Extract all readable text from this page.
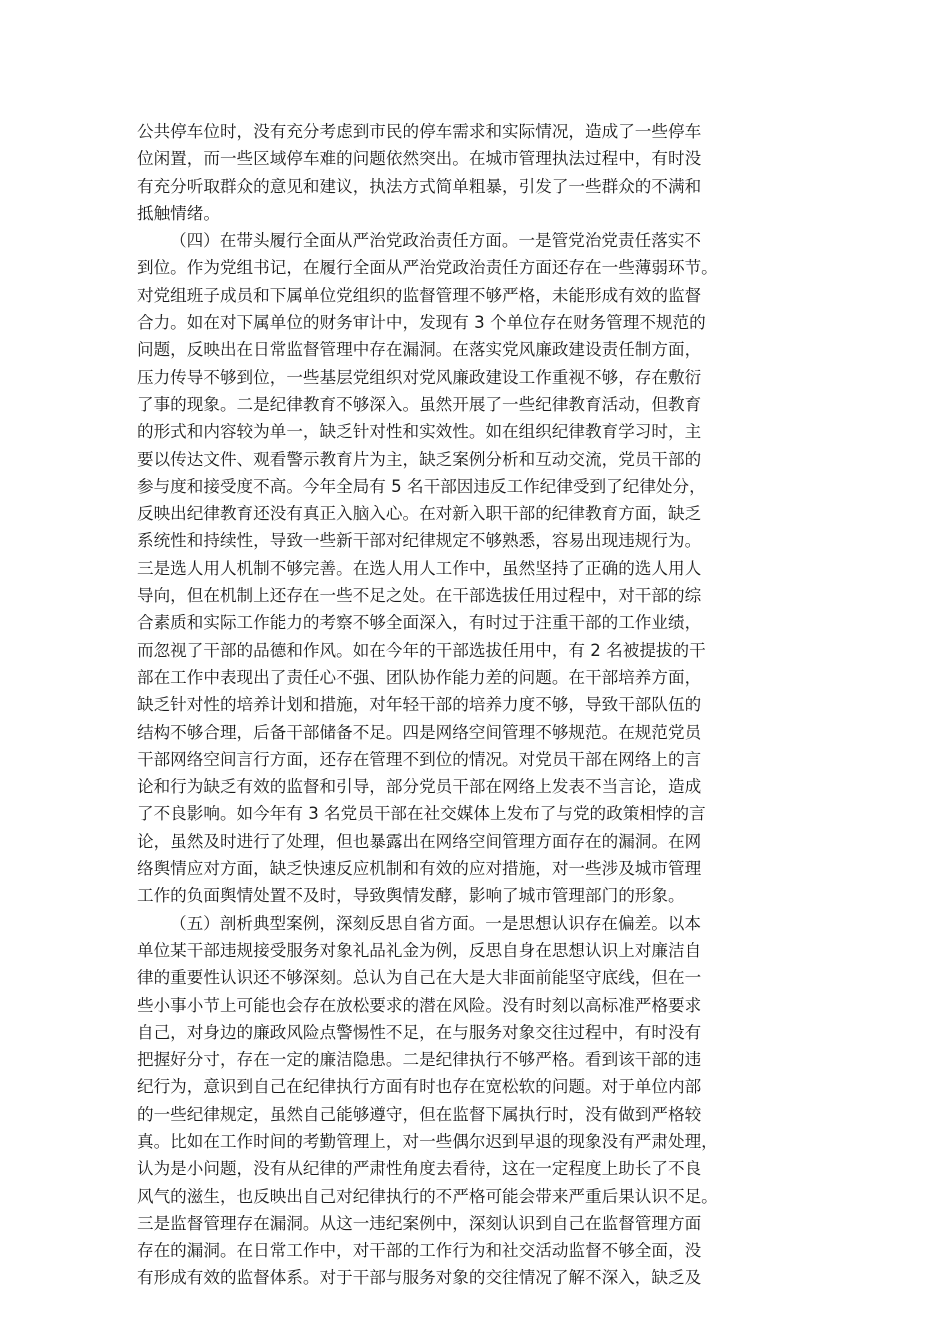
公共停车位时，没有充分考虑到市民的停车需求和实际情况，造成了一些停车
位闲置，而一些区域停车难的问题依然突出。在城市管理执法过程中，有时没
有充分听取群众的意见和建议，执法方式简单粗暴，引发了一些群众的不满和
抵触情绪。
（四）在带头履行全面从严治党政治责任方面。一是管党治党责任落实不
到位。作为党组书记，在履行全面从严治党政治责任方面还存在一些薄弱环节。
对党组班子成员和下属单位党组织的监督管理不够严格，未能形成有效的监督
合力。如在对下属单位的财务审计中，发现有 3 个单位存在财务管理不规范的
问题，反映出在日常监督管理中存在漏洞。在落实党风廉政建设责任制方面，
压力传导不够到位，一些基层党组织对党风廉政建设工作重视不够，存在敷衍
了事的现象。二是纪律教育不够深入。虽然开展了一些纪律教育活动，但教育
的形式和内容较为单一，缺乏针对性和实效性。如在组织纪律教育学习时，主
要以传达文件、观看警示教育片为主，缺乏案例分析和互动交流，党员干部的
参与度和接受度不高。今年全局有 5 名干部因违反工作纪律受到了纪律处分，
反映出纪律教育还没有真正入脑入心。在对新入职干部的纪律教育方面，缺乏
系统性和持续性，导致一些新干部对纪律规定不够熟悉，容易出现违规行为。
三是选人用人机制不够完善。在选人用人工作中，虽然坚持了正确的选人用人
导向，但在机制上还存在一些不足之处。在干部选拔任用过程中，对干部的综
合素质和实际工作能力的考察不够全面深入，有时过于注重干部的工作业绩，
而忽视了干部的品德和作风。如在今年的干部选拔任用中，有 2 名被提拔的干
部在工作中表现出了责任心不强、团队协作能力差的问题。在干部培养方面，
缺乏针对性的培养计划和措施，对年轻干部的培养力度不够，导致干部队伍的
结构不够合理，后备干部储备不足。四是网络空间管理不够规范。在规范党员
干部网络空间言行方面，还存在管理不到位的情况。对党员干部在网络上的言
论和行为缺乏有效的监督和引导，部分党员干部在网络上发表不当言论，造成
了不良影响。如今年有 3 名党员干部在社交媒体上发布了与党的政策相悖的言
论，虽然及时进行了处理，但也暴露出在网络空间管理方面存在的漏洞。在网
络舆情应对方面，缺乏快速反应机制和有效的应对措施，对一些涉及城市管理
工作的负面舆情处置不及时，导致舆情发酵，影响了城市管理部门的形象。
（五）剖析典型案例，深刻反思自省方面。一是思想认识存在偏差。以本
单位某干部违规接受服务对象礼品礼金为例，反思自身在思想认识上对廉洁自
律的重要性认识还不够深刻。总认为自己在大是大非面前能坚守底线，但在一
些小事小节上可能也会存在放松要求的潜在风险。没有时刻以高标准严格要求
自己，对身边的廉政风险点警惕性不足，在与服务对象交往过程中，有时没有
把握好分寸，存在一定的廉洁隐患。二是纪律执行不够严格。看到该干部的违
纪行为，意识到自己在纪律执行方面有时也存在宽松软的问题。对于单位内部
的一些纪律规定，虽然自己能够遵守，但在监督下属执行时，没有做到严格较
真。比如在工作时间的考勤管理上，对一些偶尔迟到早退的现象没有严肃处理，
认为是小问题，没有从纪律的严肃性角度去看待，这在一定程度上助长了不良
风气的滋生，也反映出自己对纪律执行的不严格可能会带来严重后果认识不足。
三是监督管理存在漏洞。从这一违纪案例中，深刻认识到自己在监督管理方面
存在的漏洞。在日常工作中，对干部的工作行为和社交活动监督不够全面，没
有形成有效的监督体系。对于干部与服务对象的交往情况了解不深入，缺乏及
